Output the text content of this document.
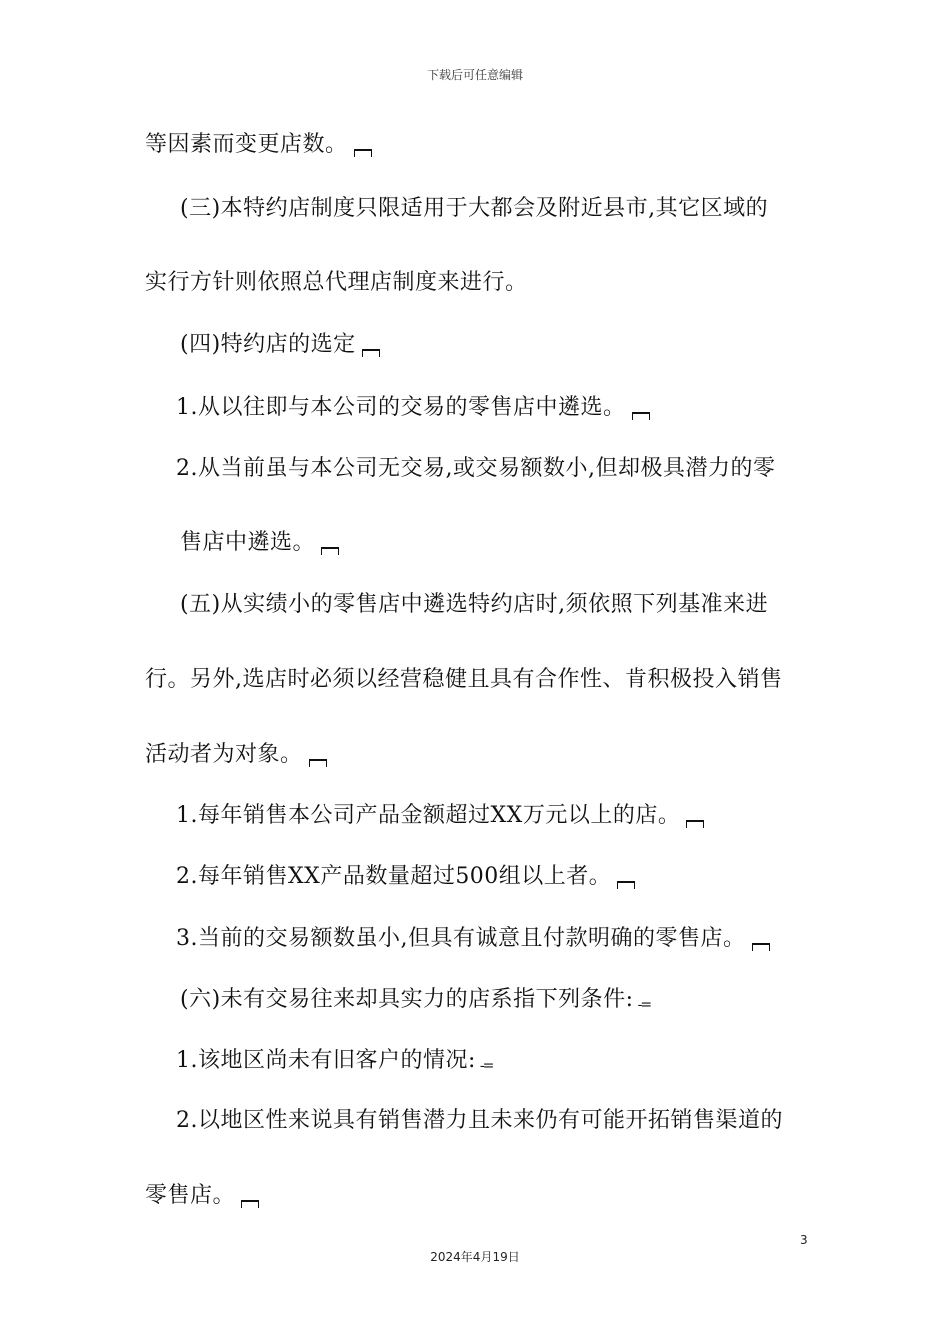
下载后可任意编辑
等因素而变更店数。
(三)本特约店制度只限适用于大都会及附近县市,其它区域的
实行方针则依照总代理店制度来进行。
(四)特约店的选定
1.从以往即与本公司的交易的零售店中遴选。
2.从当前虽与本公司无交易,或交易额数小,但却极具潜力的零
售店中遴选。
(五)从实绩小的零售店中遴选特约店时,须依照下列基准来进
行。另外,选店时必须以经营稳健且具有合作性、肯积极投入销售
活动者为对象。
1.每年销售本公司产品金额超过XX万元以上的店。
2.每年销售XX产品数量超过500组以上者。
3.当前的交易额数虽小,但具有诚意且付款明确的零售店。
(六)未有交易往来却具实力的店系指下列条件: -=
1.该地区尚未有旧客户的情况: -=
2.以地区性来说具有销售潜力且未来仍有可能开拓销售渠道的
零售店。
3
2024年4月19日
